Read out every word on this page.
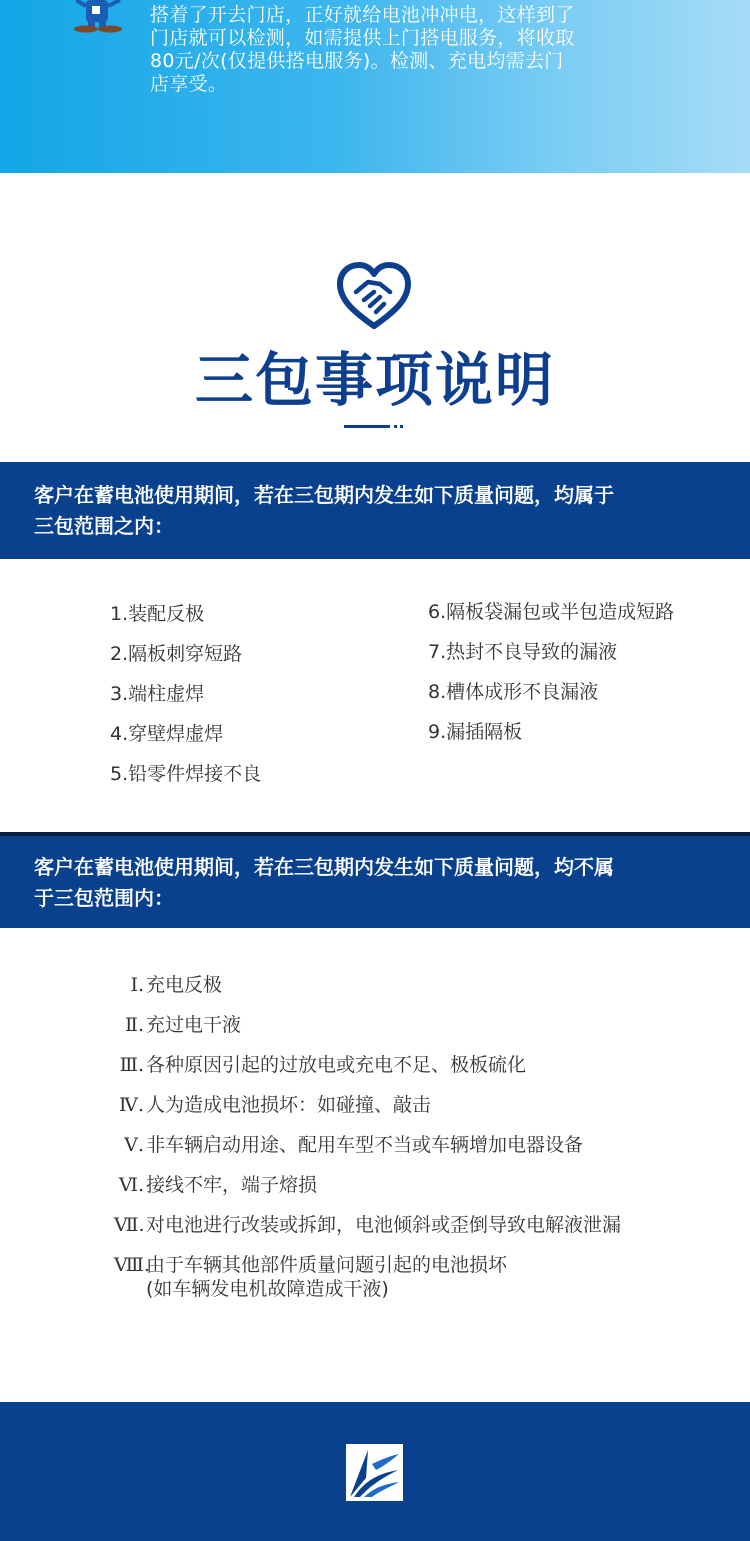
搭着了开去门店，正好就给电池冲冲电，这样到了
门店就可以检测，如需提供上门搭电服务，将收取
80元/次(仅提供搭电服务)。检测、充电均需去门
店享受。
三包事项说明
客户在蓄电池使用期间，若在三包期内发生如下质量问题，均属于
三包范围之内：
1.装配反极
2.隔板刺穿短路
3.端柱虚焊
4.穿壁焊虚焊
5.铅零件焊接不良
6.隔板袋漏包或半包造成短路
7.热封不良导致的漏液
8.槽体成形不良漏液
9.漏插隔板
客户在蓄电池使用期间，若在三包期内发生如下质量问题，均不属
于三包范围内：
Ⅰ. 充电反极
Ⅱ. 充过电干液
Ⅲ. 各种原因引起的过放电或充电不足、极板硫化
Ⅳ. 人为造成电池损坏：如碰撞、敲击
Ⅴ. 非车辆启动用途、配用车型不当或车辆增加电器设备
Ⅵ. 接线不牢，端子熔损
Ⅶ.对电池进行改装或拆卸，电池倾斜或歪倒导致电解液泄漏
Ⅷ.由于车辆其他部件质量问题引起的电池损坏
(如车辆发电机故障造成干液)
